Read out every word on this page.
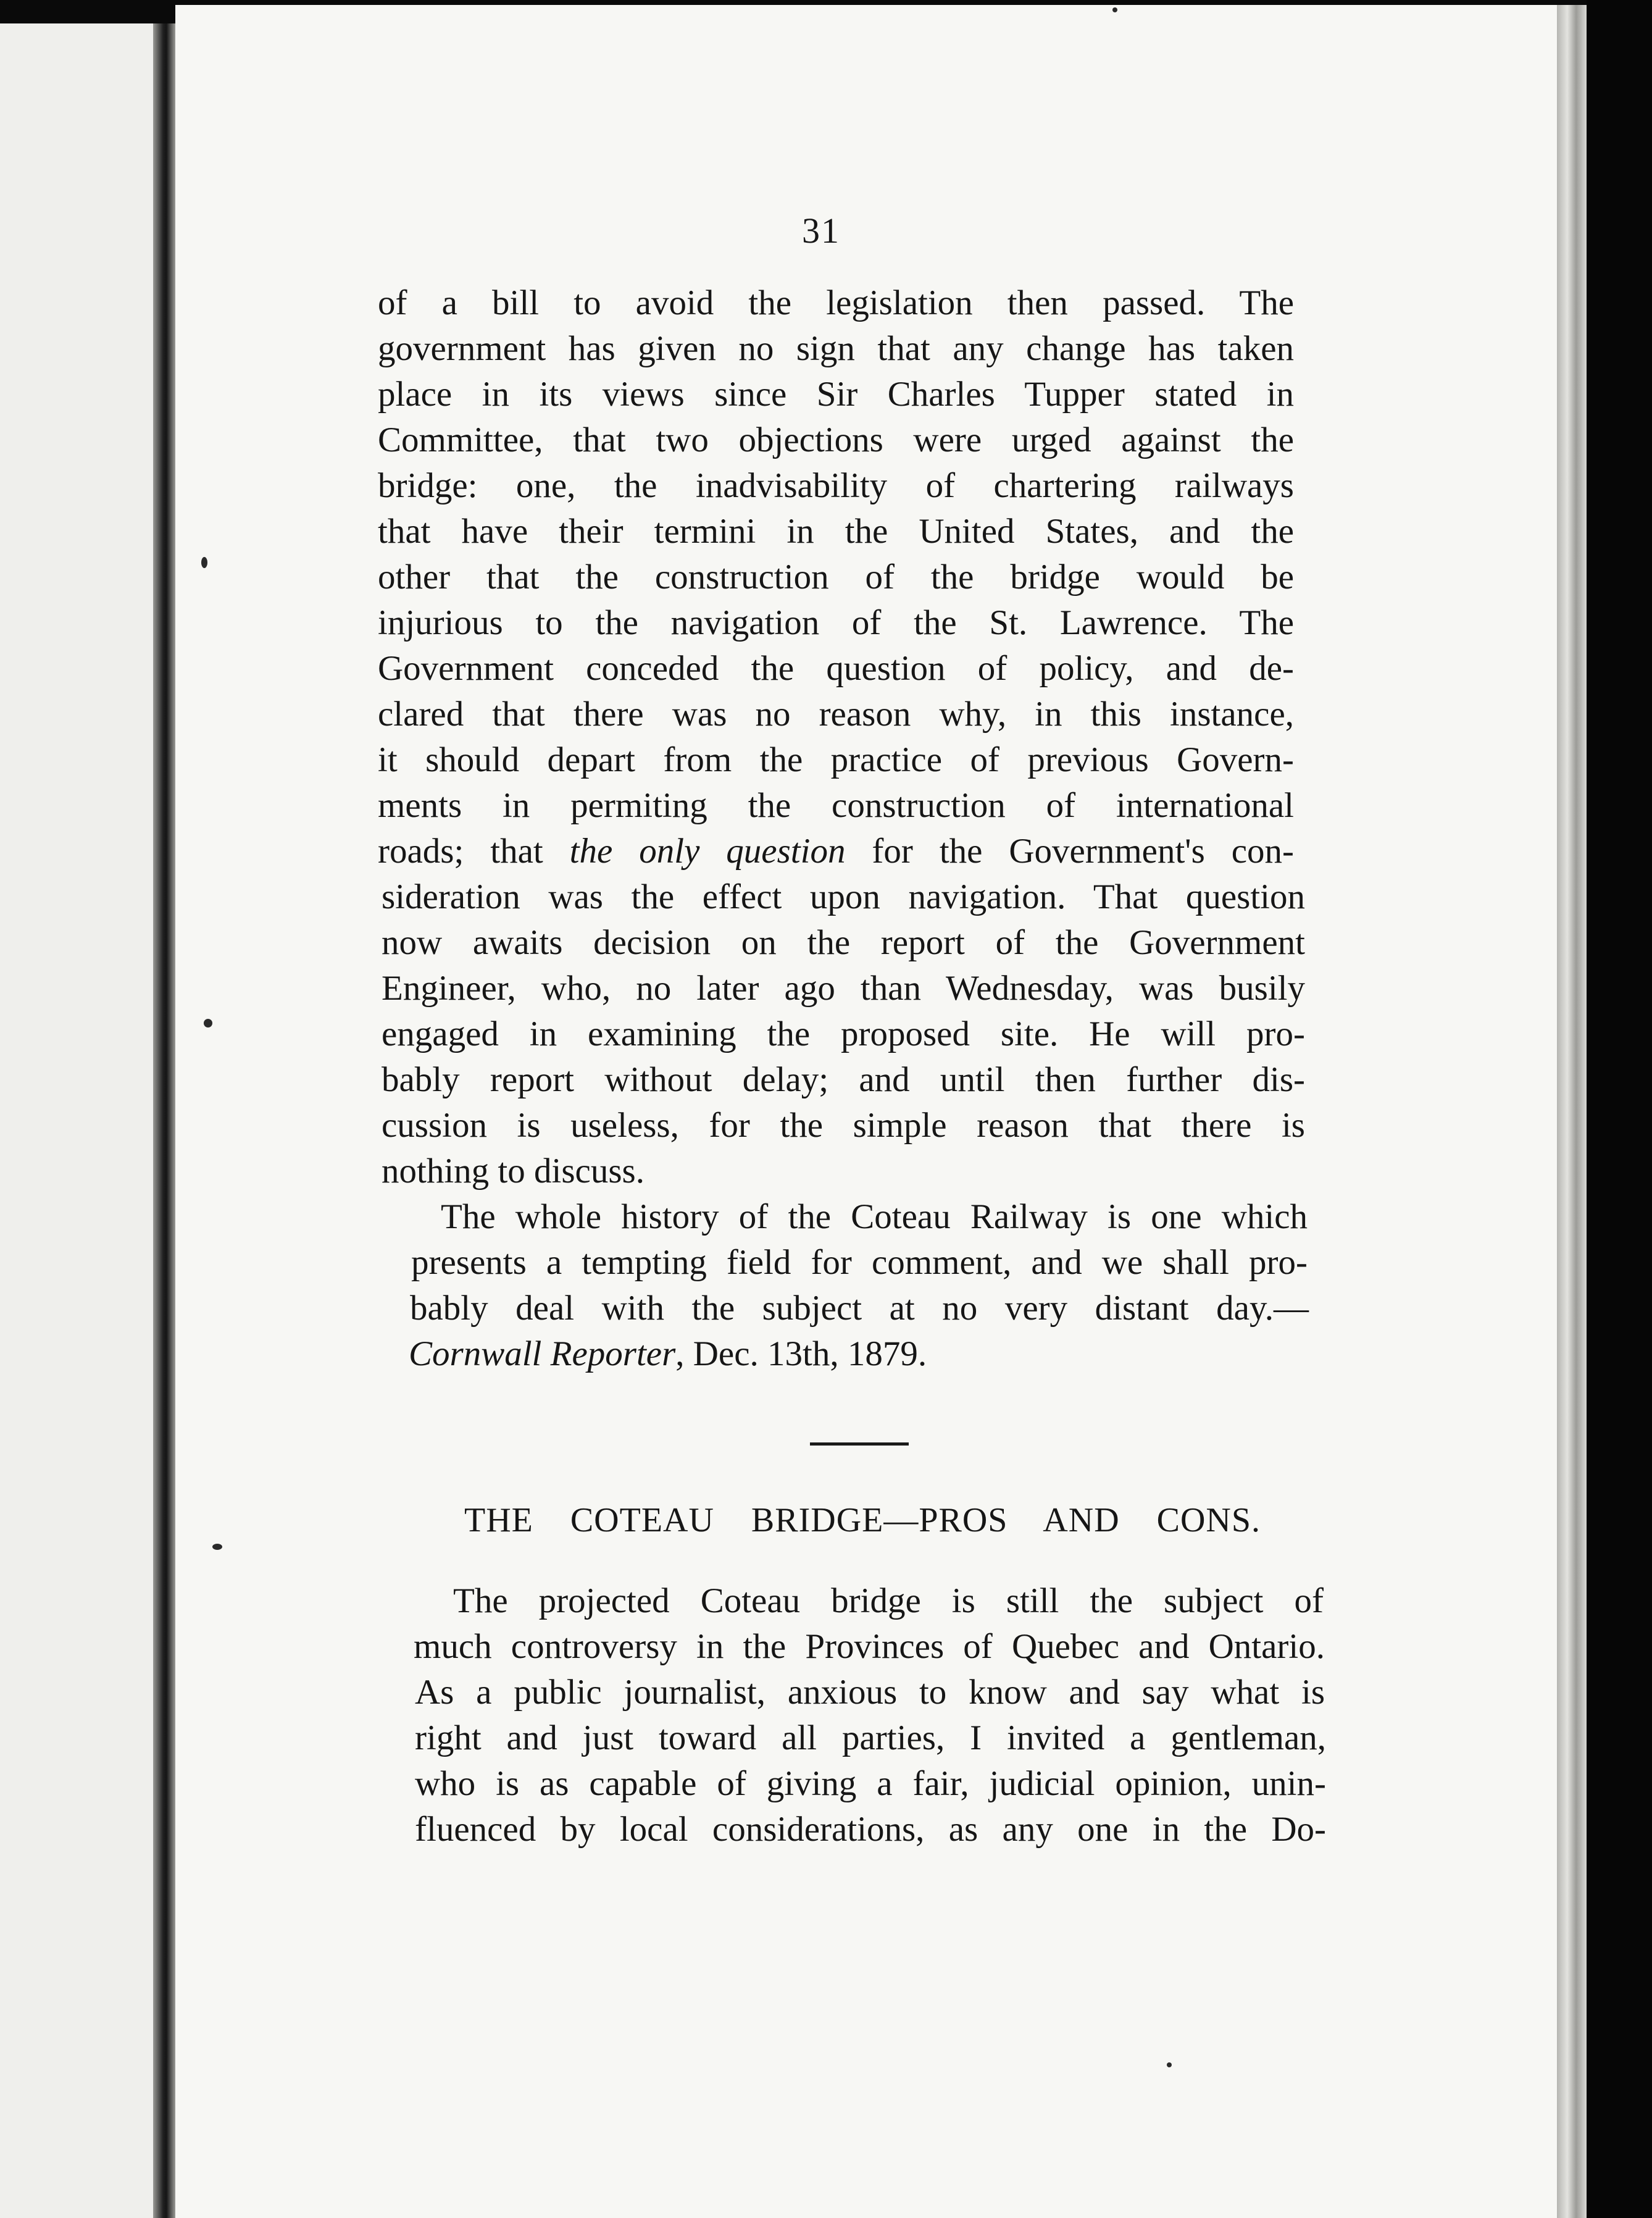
31
of a bill to avoid the legislation then passed. The
government has given no sign that any change has taken
place in its views since Sir Charles Tupper stated in
Committee, that two objections were urged against the
bridge: one, the inadvisability of chartering railways
that have their termini in the United States, and the
other that the construction of the bridge would be
injurious to the navigation of the St. Lawrence. The
Government conceded the question of policy, and de-
clared that there was no reason why, in this instance,
it should depart from the practice of previous Govern-
ments in permiting the construction of international
roads; that the only question for the Government's con-
sideration was the effect upon navigation. That question
now awaits decision on the report of the Government
Engineer, who, no later ago than Wednesday, was busily
engaged in examining the proposed site. He will pro-
bably report without delay; and until then further dis-
cussion is useless, for the simple reason that there is
nothing to discuss.
The whole history of the Coteau Railway is one which
presents a tempting field for comment, and we shall pro-
bably deal with the subject at no very distant day.—
Cornwall Reporter, Dec. 13th, 1879.
THE COTEAU BRIDGE—PROS AND CONS.
The projected Coteau bridge is still the subject of
much controversy in the Provinces of Quebec and Ontario.
As a public journalist, anxious to know and say what is
right and just toward all parties, I invited a gentleman,
who is as capable of giving a fair, judicial opinion, unin-
fluenced by local considerations, as any one in the Do-
